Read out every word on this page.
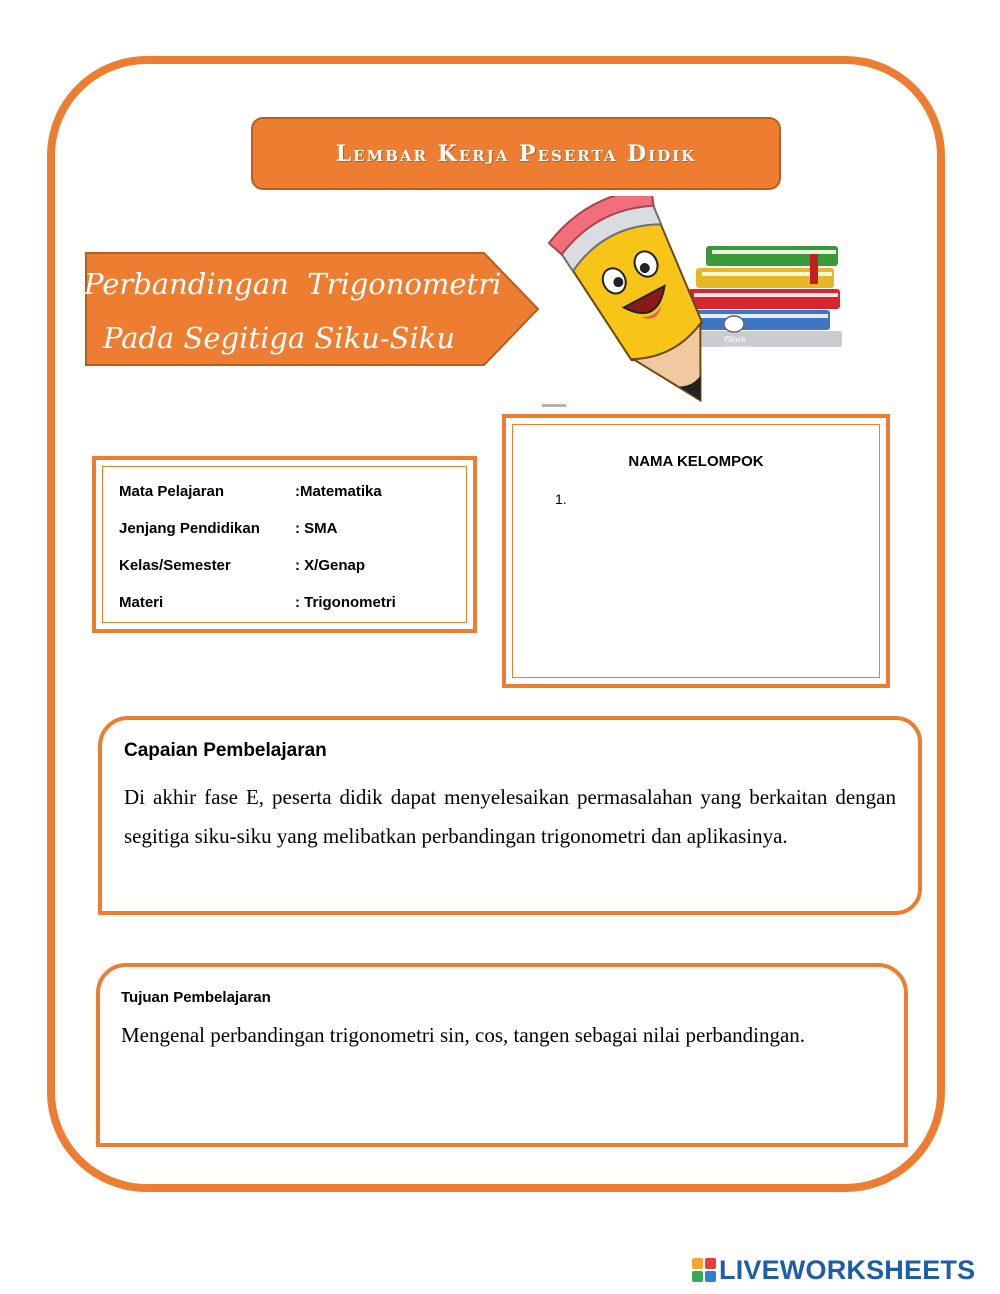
Lembar Kerja Peserta Didik
Perbandingan  Trigonometri
Pada Segitiga Siku-Siku	iStock
Credit: nyamol
Mata Pelajaran	:Matematika
Jenjang Pendidikan : SMA
Kelas/Semester	: X/Genap
Materi	: Trigonometri
NAMA KELOMPOK
1.
Capaian Pembelajaran
Di akhir fase E, peserta didik dapat menyelesaikan permasalahan yang berkaitan dengan segitiga siku-siku yang melibatkan perbandingan trigonometri dan aplikasinya.
Tujuan Pembelajaran
Mengenal perbandingan trigonometri sin, cos, tangen sebagai nilai perbandingan.
LIVEWORKSHEETS
